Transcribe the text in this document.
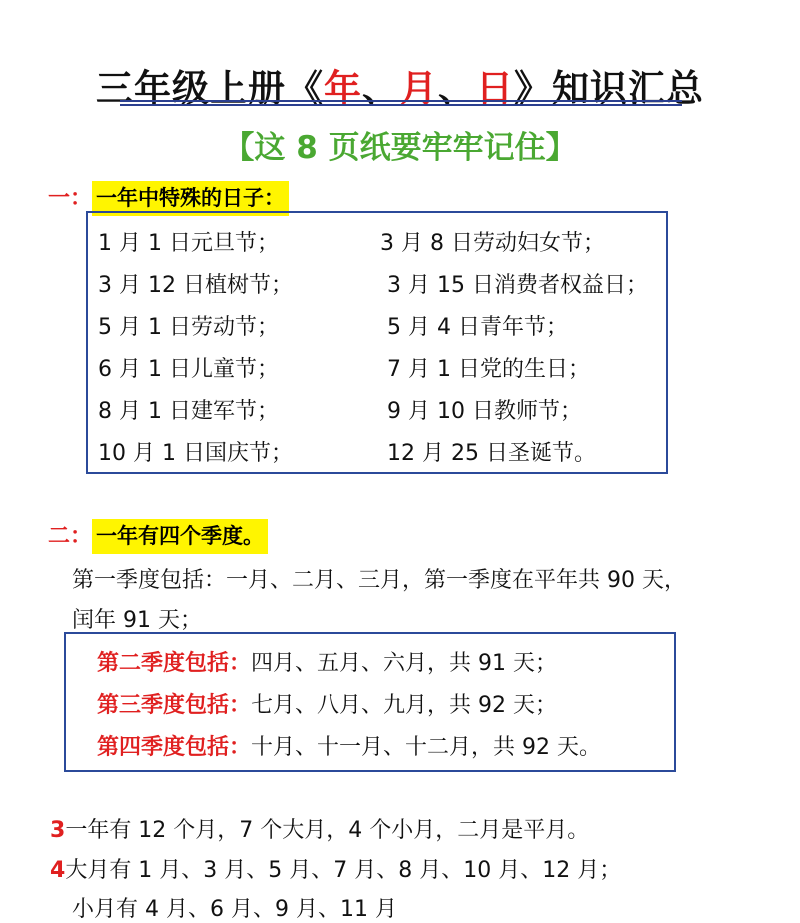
三年级上册《年、月、日》知识汇总
【这 8 页纸要牢牢记住】
一： 一年中特殊的日子：
1 月 1 日元旦节；	3 月 8 日劳动妇女节；
3 月 12 日植树节；	3 月 15 日消费者权益日；
5 月 1 日劳动节；	5 月 4 日青年节；
6 月 1 日儿童节；	7 月 1 日党的生日；
8 月 1 日建军节；	9 月 10 日教师节；
10 月 1 日国庆节；	12 月 25 日圣诞节。
二： 一年有四个季度。
第一季度包括：一月、二月、三月，第一季度在平年共 90 天，
闰年 91 天；
第二季度包括：四月、五月、六月，共 91 天；
第三季度包括：七月、八月、九月，共 92 天；
第四季度包括：十月、十一月、十二月，共 92 天。
3一年有 12 个月，7 个大月，4 个小月，二月是平月。
4大月有 1 月、3 月、5 月、7 月、8 月、10 月、12 月；
小月有 4 月、6 月、9 月、11 月
